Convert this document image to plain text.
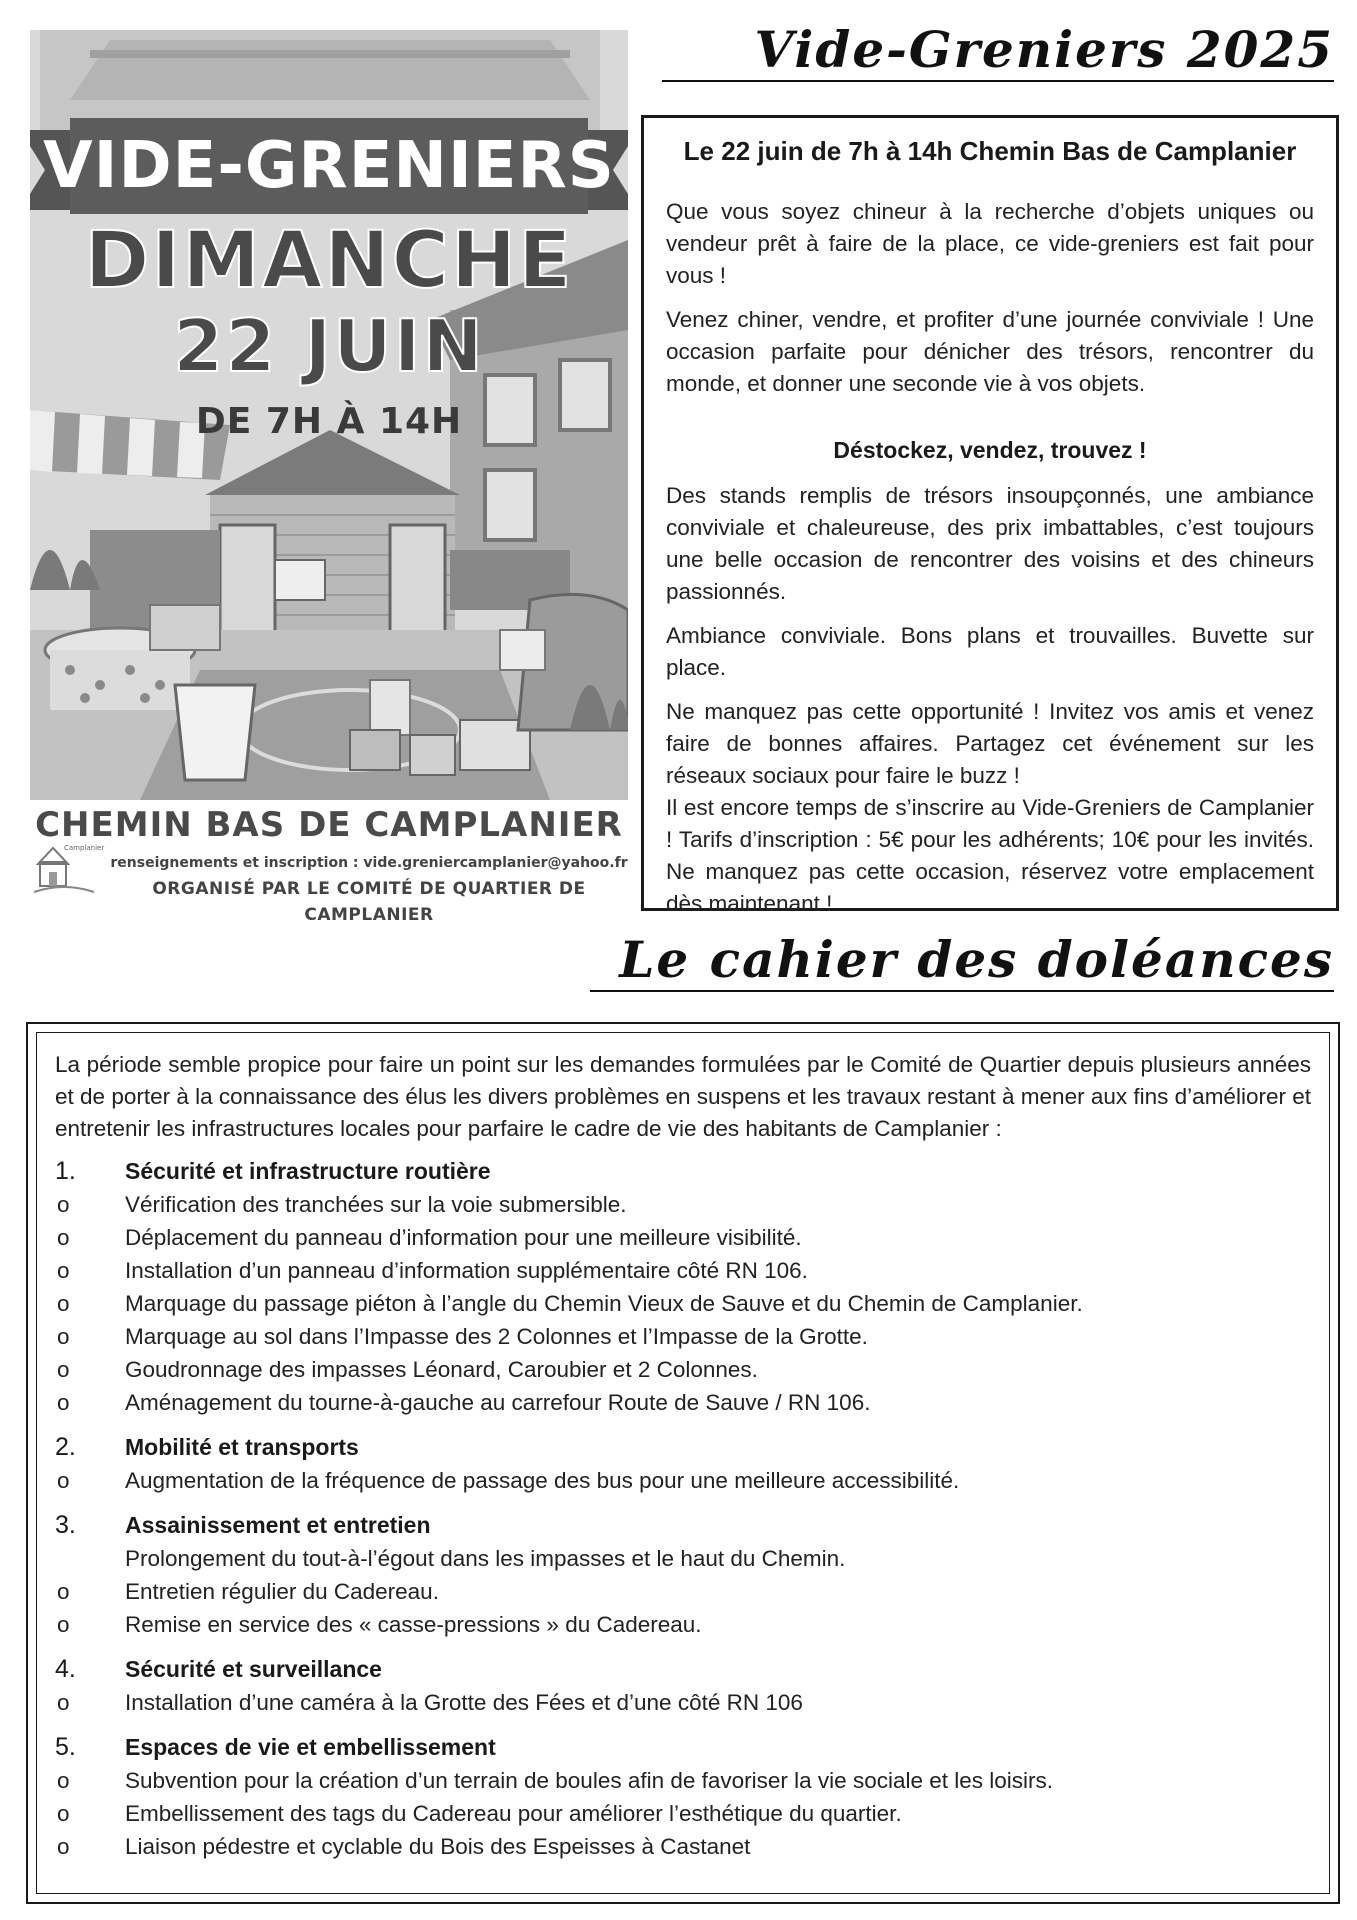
VIDE-GRENIERS
DIMANCHE
22 JUIN
DE 7H À 14H
CHEMIN BAS DE CAMPLANIER
Camplanier
renseignements et inscription : vide.greniercamplanier@yahoo.fr
ORGANISÉ PAR LE COMITÉ DE QUARTIER DE CAMPLANIER
Vide-Greniers 2025
Le 22 juin de 7h à 14h Chemin Bas de Camplanier

Que vous soyez chineur à la recherche d’objets uniques ou vendeur prêt à faire de la place, ce vide-greniers est fait pour vous !

Venez chiner, vendre, et profiter d’une journée conviviale ! Une occasion parfaite pour dénicher des trésors, rencontrer du monde, et donner une seconde vie à vos objets.

Déstockez, vendez, trouvez !

Des stands remplis de trésors insoupçonnés, une ambiance conviviale et chaleureuse, des prix imbattables, c’est toujours une belle occasion de rencontrer des voisins et des chineurs passionnés.

Ambiance conviviale. Bons plans et trouvailles. Buvette sur place.

Ne manquez pas cette opportunité ! Invitez vos amis et venez faire de bonnes affaires. Partagez cet événement sur les réseaux sociaux pour faire le buzz !

Il est encore temps de s’inscrire au Vide-Greniers de Camplanier ! Tarifs d’inscription : 5€ pour les adhérents; 10€ pour les invités. Ne manquez pas cette occasion, réservez votre emplacement dès maintenant !

Le cahier des doléances

La période semble propice pour faire un point sur les demandes formulées par le Comité de Quartier depuis plusieurs années et de porter à la connaissance des élus les divers problèmes en suspens et les travaux restant à mener aux fins d’améliorer et entretenir les infrastructures locales pour parfaire le cadre de vie des habitants de Camplanier :

1.	Sécurité et infrastructure routière
o	Vérification des tranchées sur la voie submersible.
o	Déplacement du panneau d’information pour une meilleure visibilité.
o	Installation d’un panneau d’information supplémentaire côté RN 106.
o	Marquage du passage piéton à l’angle du Chemin Vieux de Sauve et du Chemin de Camplanier.
o	Marquage au sol dans l’Impasse des 2 Colonnes et l’Impasse de la Grotte.
o	Goudronnage des impasses Léonard, Caroubier et 2 Colonnes.
o	Aménagement du tourne-à-gauche au carrefour Route de Sauve / RN 106.
2.	Mobilité et transports
o	Augmentation de la fréquence de passage des bus pour une meilleure accessibilité.
3.	Assainissement et entretien
Prolongement du tout-à-l’égout dans les impasses et le haut du Chemin.
o	Entretien régulier du Cadereau.
o	Remise en service des « casse-pressions » du Cadereau.
4.	Sécurité et surveillance
o	Installation d’une caméra à la Grotte des Fées et d’une côté RN 106
5.	Espaces de vie et embellissement
o	Subvention pour la création d’un terrain de boules afin de favoriser la vie sociale et les loisirs.
o	Embellissement des tags du Cadereau pour améliorer l’esthétique du quartier.
o	Liaison pédestre et cyclable du Bois des Espeisses à Castanet
